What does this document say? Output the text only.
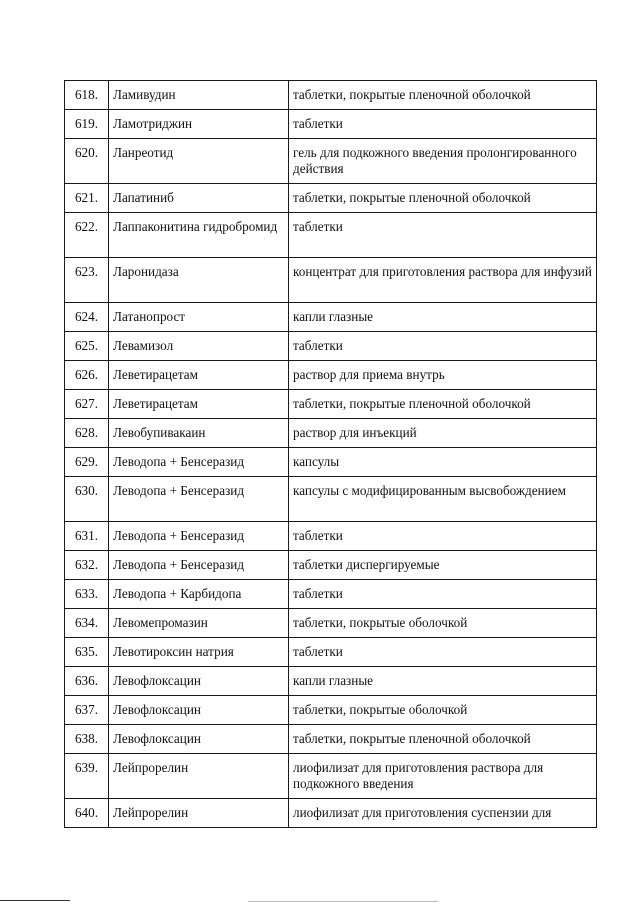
618.	Ламивудин	таблетки, покрытые пленочной оболочкой
619.	Ламотриджин	таблетки
620.	Ланреотид	гель для подкожного введения пролонгированного действия
621.	Лапатиниб	таблетки, покрытые пленочной оболочкой
622.	Лаппаконитина гидробромид	таблетки
623.	Ларонидаза	концентрат для приготовления раствора для инфузий
624.	Латанопрост	капли глазные
625.	Левамизол	таблетки
626.	Леветирацетам	раствор для приема внутрь
627.	Леветирацетам	таблетки, покрытые пленочной оболочкой
628.	Левобупивакаин	раствор для инъекций
629.	Леводопа + Бенсеразид	капсулы
630.	Леводопа + Бенсеразид	капсулы с модифицированным высвобождением
631.	Леводопа + Бенсеразид	таблетки
632.	Леводопа + Бенсеразид	таблетки диспергируемые
633.	Леводопа + Карбидопа	таблетки
634.	Левомепромазин	таблетки, покрытые оболочкой
635.	Левотироксин натрия	таблетки
636.	Левофлоксацин	капли глазные
637.	Левофлоксацин	таблетки, покрытые оболочкой
638.	Левофлоксацин	таблетки, покрытые пленочной оболочкой
639.	Лейпрорелин	лиофилизат для приготовления раствора для подкожного введения
640.	Лейпрорелин	лиофилизат для приготовления суспензии для
